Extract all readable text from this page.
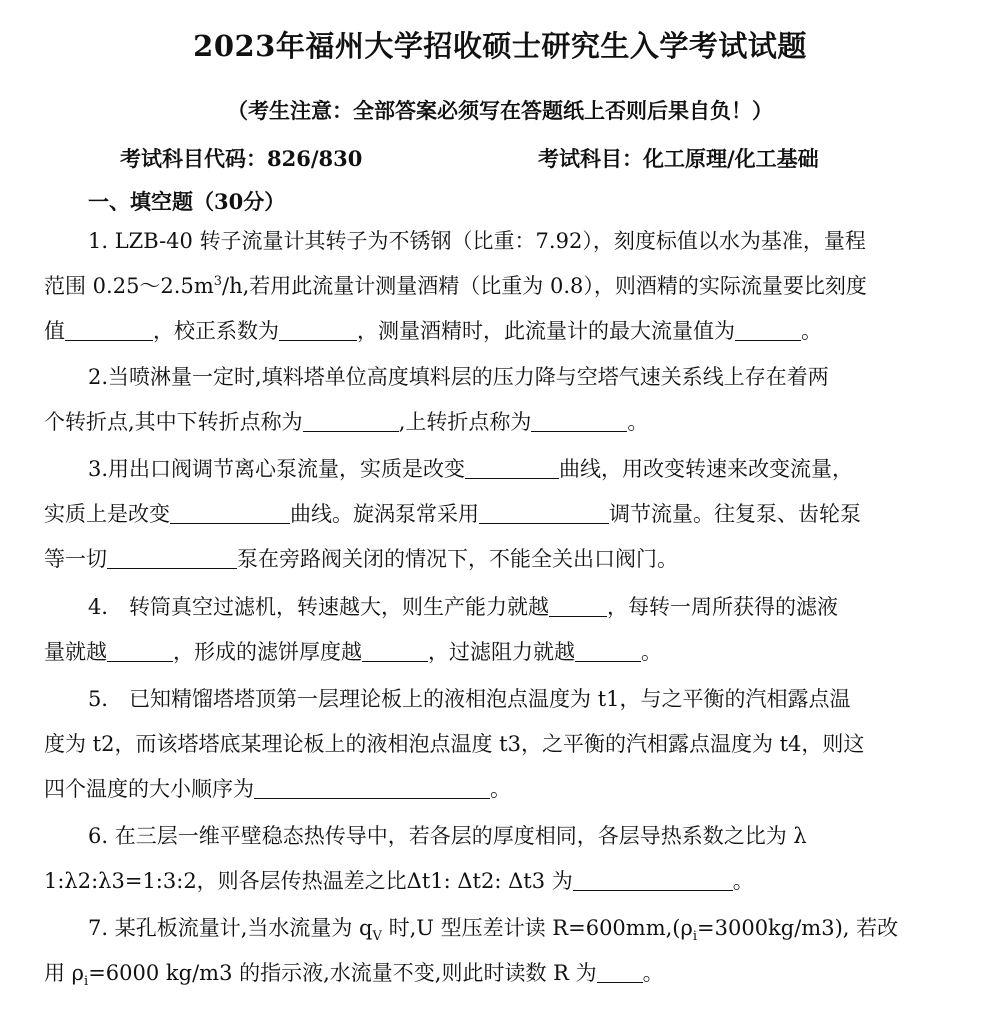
2023年福州大学招收硕士研究生入学考试试题
（考生注意：全部答案必须写在答题纸上否则后果自负！）
考试科目代码：826/830	考试科目：化工原理/化工基础
一、填空题（30分）
1. LZB-40 转子流量计其转子为不锈钢（比重：7.92），刻度标值以水为基准，量程
范围 $0.25\sim 2.5m^3/h$,若用此流量计测量酒精（比重为 0.8），则酒精的实际流量要比刻度
值	，校正系数为	，测量酒精时，此流量计的最大流量值为	。
2.当喷淋量一定时,填料塔单位高度填料层的压力降与空塔气速关系线上存在着两
个转折点,其中下转折点称为	,上转折点称为	。
3.用出口阀调节离心泵流量，实质是改变	曲线，用改变转速来改变流量，
实质上是改变	曲线。旋涡泵常采用	调节流量。往复泵、齿轮泵
等一切	泵在旁路阀关闭的情况下，不能全关出口阀门。
4． 转筒真空过滤机，转速越大，则生产能力就越	，每转一周所获得的滤液
量就越	，形成的滤饼厚度越	，过滤阻力就越	。
5． 已知精馏塔塔顶第一层理论板上的液相泡点温度为 t1，与之平衡的汽相露点温
度为 t2，而该塔塔底某理论板上的液相泡点温度 t3，之平衡的汽相露点温度为 t4，则这
四个温度的大小顺序为	。
6. 在三层一维平壁稳态热传导中，若各层的厚度相同，各层导热系数之比为 λ
1:λ2:λ3=1:3:2，则各层传热温差之比Δt1: Δt2: Δt3 为	。
7. 某孔板流量计,当水流量为 $q_V$ 时,U 型压差计读 $R=600mm,(\rho_i=3000kg/m3)$, 若改
用 $\rho_i=6000$ kg/m3 的指示液,水流量不变,则此时读数 R 为 。
